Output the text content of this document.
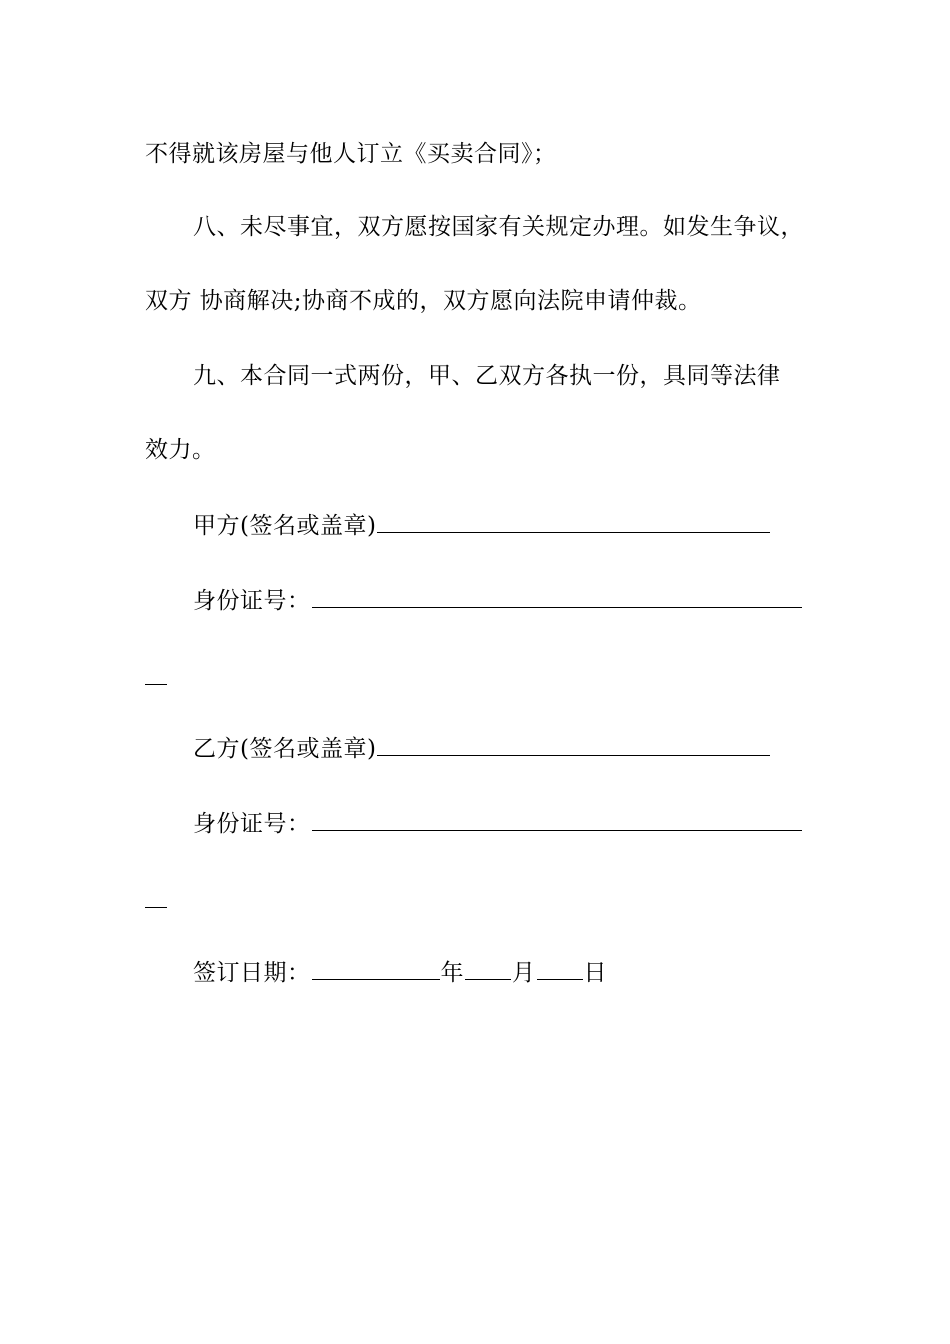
不得就该房屋与他人订立《买卖合同》；
八、未尽事宜，双方愿按国家有关规定办理。如发生争议，
双方 协商解决;协商不成的，双方愿向法院申请仲裁。
九、本合同一式两份，甲、乙双方各执一份，具同等法律
效力。
甲方(签名或盖章)
身份证号：
乙方(签名或盖章)
身份证号：
签订日期：	年 月 日
